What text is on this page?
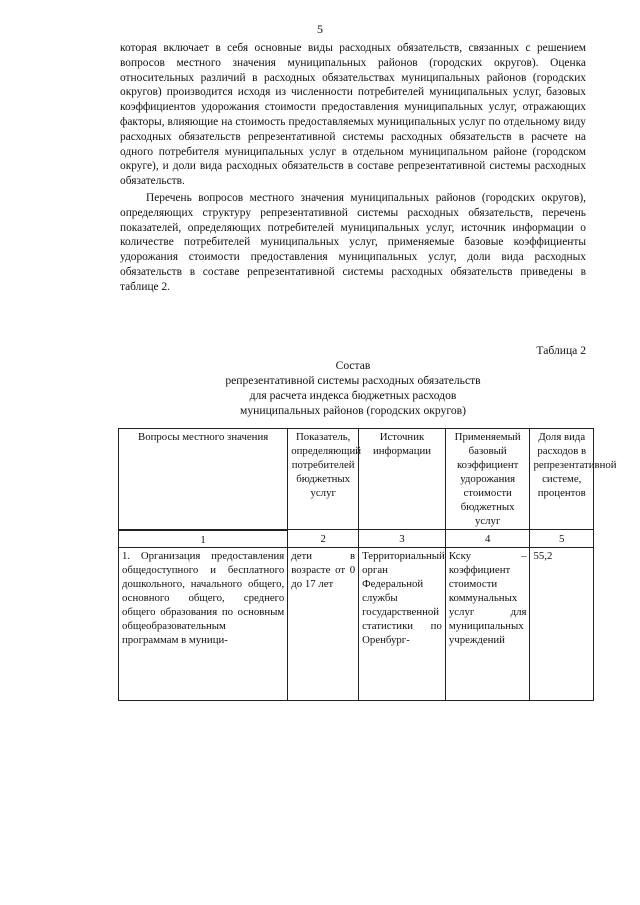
5

которая включает в себя основные виды расходных обязательств, связанных с решением вопросов местного значения муниципальных районов (городских округов). Оценка относительных различий в расходных обязательствах муниципальных районов (городских округов) производится исходя из численности потребителей муниципальных услуг, базовых коэффициентов удорожания стоимости предоставления муниципальных услуг, отражающих факторы, влияющие на стоимость предоставляемых муниципальных услуг по отдельному виду расходных обязательств репрезентативной системы расходных обязательств в расчете на одного потребителя муниципальных услуг в отдельном муниципальном районе (городском округе), и доли вида расходных обязательств в составе репрезентативной системы расходных обязательств.

Перечень вопросов местного значения муниципальных районов (городских округов), определяющих структуру репрезентативной системы расходных обязательств, перечень показателей, определяющих потребителей муниципальных услуг, источник информации о количестве потребителей муниципальных услуг, применяемые базовые коэффициенты удорожания стоимости предоставления муниципальных услуг, доли вида расходных обязательств в составе репрезентативной системы расходных обязательств приведены в таблице 2.

Таблица 2
Состав
репрезентативной системы расходных обязательств
для расчета индекса бюджетных расходов
муниципальных районов (городских округов)
Вопросы местного значения	Показатель, определяющий потребителей бюджетных услуг	Источник информации	Применяемый базовый коэффициент удорожания стоимости бюджетных услуг	Доля вида расходов в репрезентативной системе, процентов
1	2	3	4	5
1. Организация предоставления общедоступного и бесплатного дошкольного, начального общего, основного общего, среднего общего образования по основным общеобразовательным программам в муници-	дети в возрасте от 0 до 17 лет	Территориальный орган Федеральной службы государственной статистики по Оренбург-	Кску – коэффициент стоимости коммунальных услуг для муниципальных учреждений	55,2
